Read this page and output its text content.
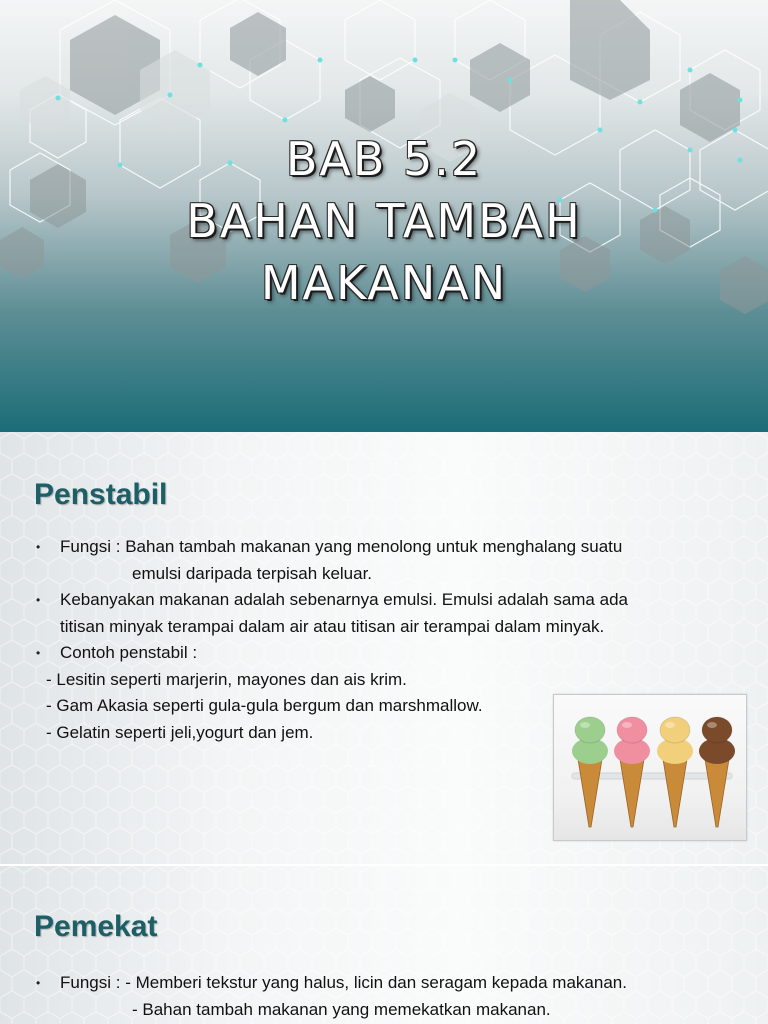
BAB 5.2
BAHAN TAMBAH
MAKANAN
Penstabil
• Fungsi : Bahan tambah makanan yang menolong untuk menghalang suatu
emulsi daripada terpisah keluar.
• Kebanyakan makanan adalah sebenarnya emulsi. Emulsi adalah sama ada
titisan minyak terampai dalam air atau titisan air terampai dalam minyak.
• Contoh penstabil :
- Lesitin seperti marjerin, mayones dan ais krim.
- Gam Akasia seperti gula-gula bergum dan marshmallow.
- Gelatin seperti jeli,yogurt dan jem.
Pemekat
• Fungsi : - Memberi tekstur yang halus, licin dan seragam kepada makanan.
- Bahan tambah makanan yang memekatkan makanan.
